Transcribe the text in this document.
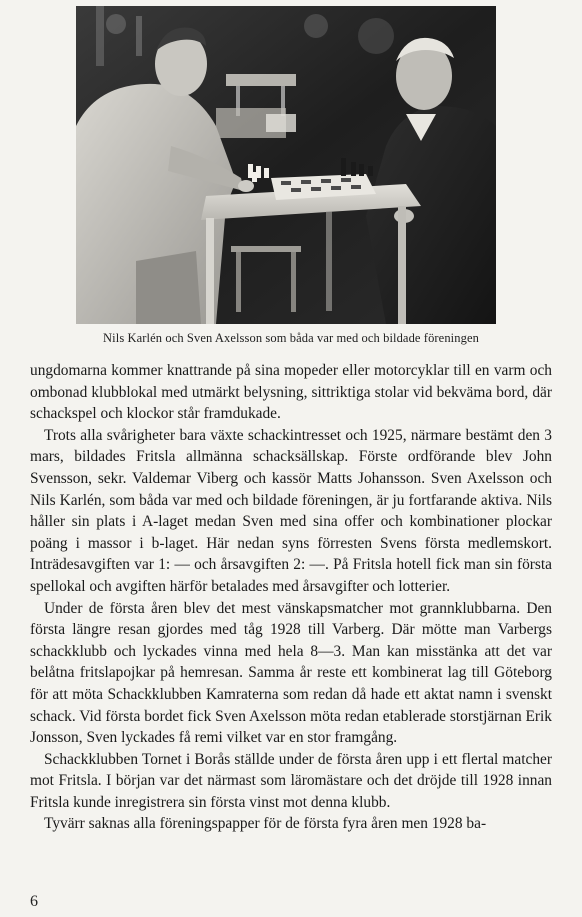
Nils Karlén och Sven Axelsson som båda var med och bildade föreningen

ungdomarna kommer knattrande på sina mopeder eller motorcyklar till en varm och ombonad klubblokal med utmärkt belysning, sittriktiga stolar vid bekväma bord, där schackspel och klockor står framdukade.

Trots alla svårigheter bara växte schackintresset och 1925, närmare bestämt den 3 mars, bildades Fritsla allmänna schacksällskap. Förste ordförande blev John Svensson, sekr. Valdemar Viberg och kassör Matts Johansson. Sven Axelsson och Nils Karlén, som båda var med och bildade föreningen, är ju fortfarande aktiva. Nils håller sin plats i A-laget medan Sven med sina offer och kombinationer plockar poäng i massor i b-laget. Här nedan syns förresten Svens första medlemskort. Inträdesavgiften var 1: — och årsavgiften 2: —. På Fritsla hotell fick man sin första spellokal och avgiften härför betalades med årsavgifter och lotterier.

Under de första åren blev det mest vänskapsmatcher mot grannklubbarna. Den första längre resan gjordes med tåg 1928 till Varberg. Där mötte man Varbergs schackklubb och lyckades vinna med hela 8—3. Man kan misstänka att det var belåtna fritslapojkar på hemresan. Samma år reste ett kombinerat lag till Göteborg för att möta Schackklubben Kamraterna som redan då hade ett aktat namn i svenskt schack. Vid första bordet fick Sven Axelsson möta redan etablerade storstjärnan Erik Jonsson, Sven lyckades få remi vilket var en stor framgång.

Schackklubben Tornet i Borås ställde under de första åren upp i ett flertal matcher mot Fritsla. I början var det närmast som läromästare och det dröjde till 1928 innan Fritsla kunde inregistrera sin första vinst mot denna klubb.

Tyvärr saknas alla föreningspapper för de första fyra åren men 1928 ba-

6
